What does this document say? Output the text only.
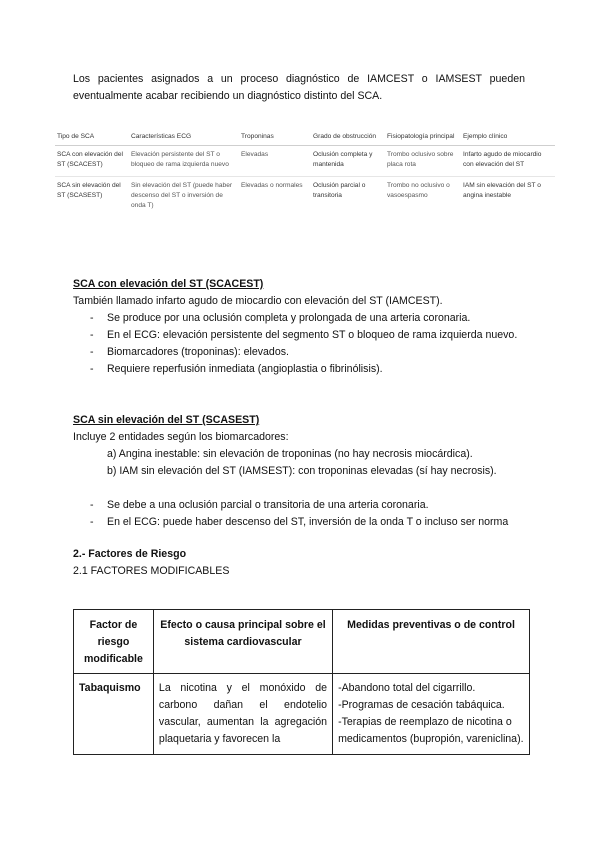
Los pacientes asignados a un proceso diagnóstico de IAMCEST o IAMSEST pueden eventualmente acabar recibiendo un diagnóstico distinto del SCA.
Tipo de SCA	Características ECG	Troponinas	Grado de obstrucción	Fisiopatología principal	Ejemplo clínico
SCA con elevación del ST (SCACEST)	Elevación persistente del ST o bloqueo de rama izquierda nuevo	Elevadas	Oclusión completa y mantenida	Trombo oclusivo sobre placa rota	Infarto agudo de miocardio con elevación del ST
SCA sin elevación del ST (SCASEST)	Sin elevación del ST (puede haber descenso del ST o inversión de onda T)	Elevadas o normales	Oclusión parcial o transitoria	Trombo no oclusivo o vasoespasmo	IAM sin elevación del ST o angina inestable
SCA con elevación del ST (SCACEST)
También llamado infarto agudo de miocardio con elevación del ST (IAMCEST).
- Se produce por una oclusión completa y prolongada de una arteria coronaria.
- En el ECG: elevación persistente del segmento ST o bloqueo de rama izquierda nuevo.
- Biomarcadores (troponinas): elevados.
- Requiere reperfusión inmediata (angioplastia o fibrinólisis).
SCA sin elevación del ST (SCASEST)
Incluye 2 entidades según los biomarcadores:
a) Angina inestable: sin elevación de troponinas (no hay necrosis miocárdica).
b) IAM sin elevación del ST (IAMSEST): con troponinas elevadas (sí hay necrosis).
- Se debe a una oclusión parcial o transitoria de una arteria coronaria.
- En el ECG: puede haber descenso del ST, inversión de la onda T o incluso ser norma
2.- Factores de Riesgo
2.1 FACTORES MODIFICABLES
Factor de riesgo modificable	Efecto o causa principal sobre el sistema cardiovascular	Medidas preventivas o de control
Tabaquismo	La nicotina y el monóxido de carbono dañan el endotelio vascular, aumentan la agregación plaquetaria y favorecen la	-Abandono total del cigarrillo.
-Programas de cesación tabáquica.
-Terapias de reemplazo de nicotina o medicamentos (bupropión, vareniclina).
